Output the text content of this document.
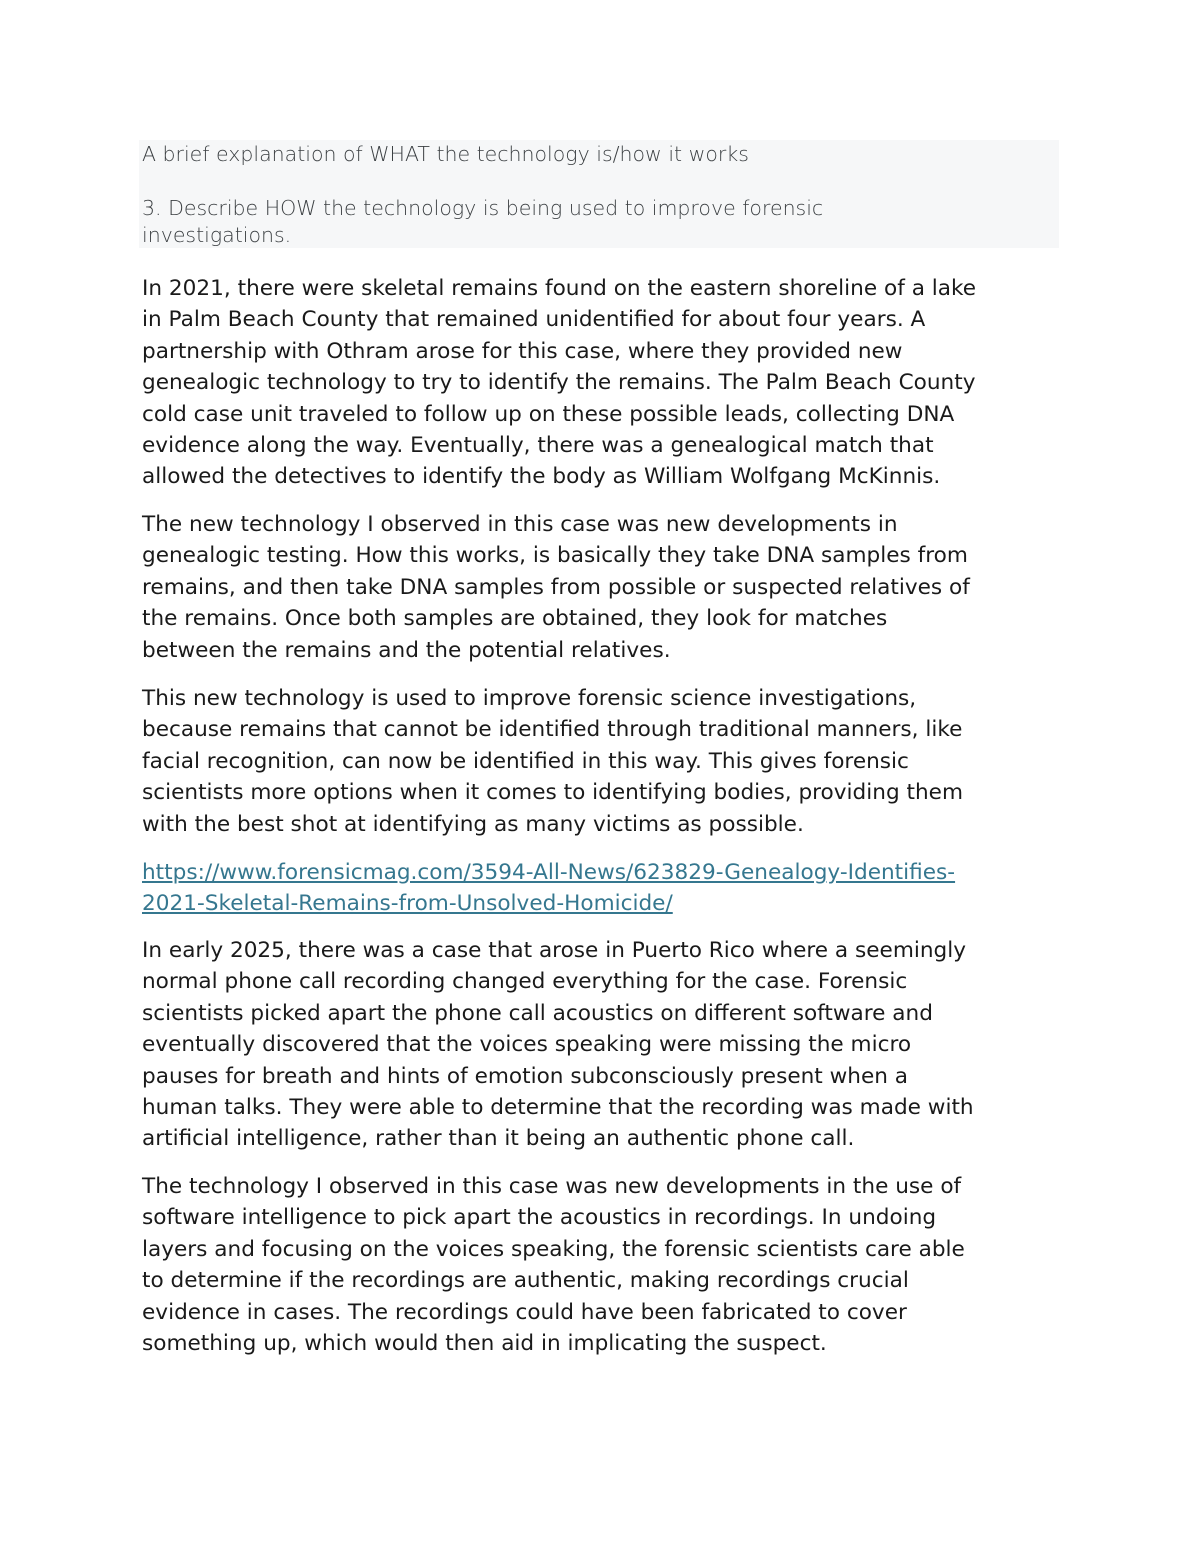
A brief explanation of WHAT the technology is/how it works

3. Describe HOW the technology is being used to improve forensic

investigations.

In 2021, there were skeletal remains found on the eastern shoreline of a lake
in Palm Beach County that remained unidentified for about four years. A
partnership with Othram arose for this case, where they provided new
genealogic technology to try to identify the remains. The Palm Beach County
cold case unit traveled to follow up on these possible leads, collecting DNA
evidence along the way. Eventually, there was a genealogical match that
allowed the detectives to identify the body as William Wolfgang McKinnis.
The new technology I observed in this case was new developments in
genealogic testing. How this works, is basically they take DNA samples from
remains, and then take DNA samples from possible or suspected relatives of
the remains. Once both samples are obtained, they look for matches
between the remains and the potential relatives.
This new technology is used to improve forensic science investigations,
because remains that cannot be identified through traditional manners, like
facial recognition, can now be identified in this way. This gives forensic
scientists more options when it comes to identifying bodies, providing them
with the best shot at identifying as many victims as possible.
https://www.forensicmag.com/3594-All-News/623829-Genealogy-Identifies-
2021-Skeletal-Remains-from-Unsolved-Homicide/
In early 2025, there was a case that arose in Puerto Rico where a seemingly
normal phone call recording changed everything for the case. Forensic
scientists picked apart the phone call acoustics on different software and
eventually discovered that the voices speaking were missing the micro
pauses for breath and hints of emotion subconsciously present when a
human talks. They were able to determine that the recording was made with
artificial intelligence, rather than it being an authentic phone call.
The technology I observed in this case was new developments in the use of
software intelligence to pick apart the acoustics in recordings. In undoing
layers and focusing on the voices speaking, the forensic scientists care able
to determine if the recordings are authentic, making recordings crucial
evidence in cases. The recordings could have been fabricated to cover
something up, which would then aid in implicating the suspect.
